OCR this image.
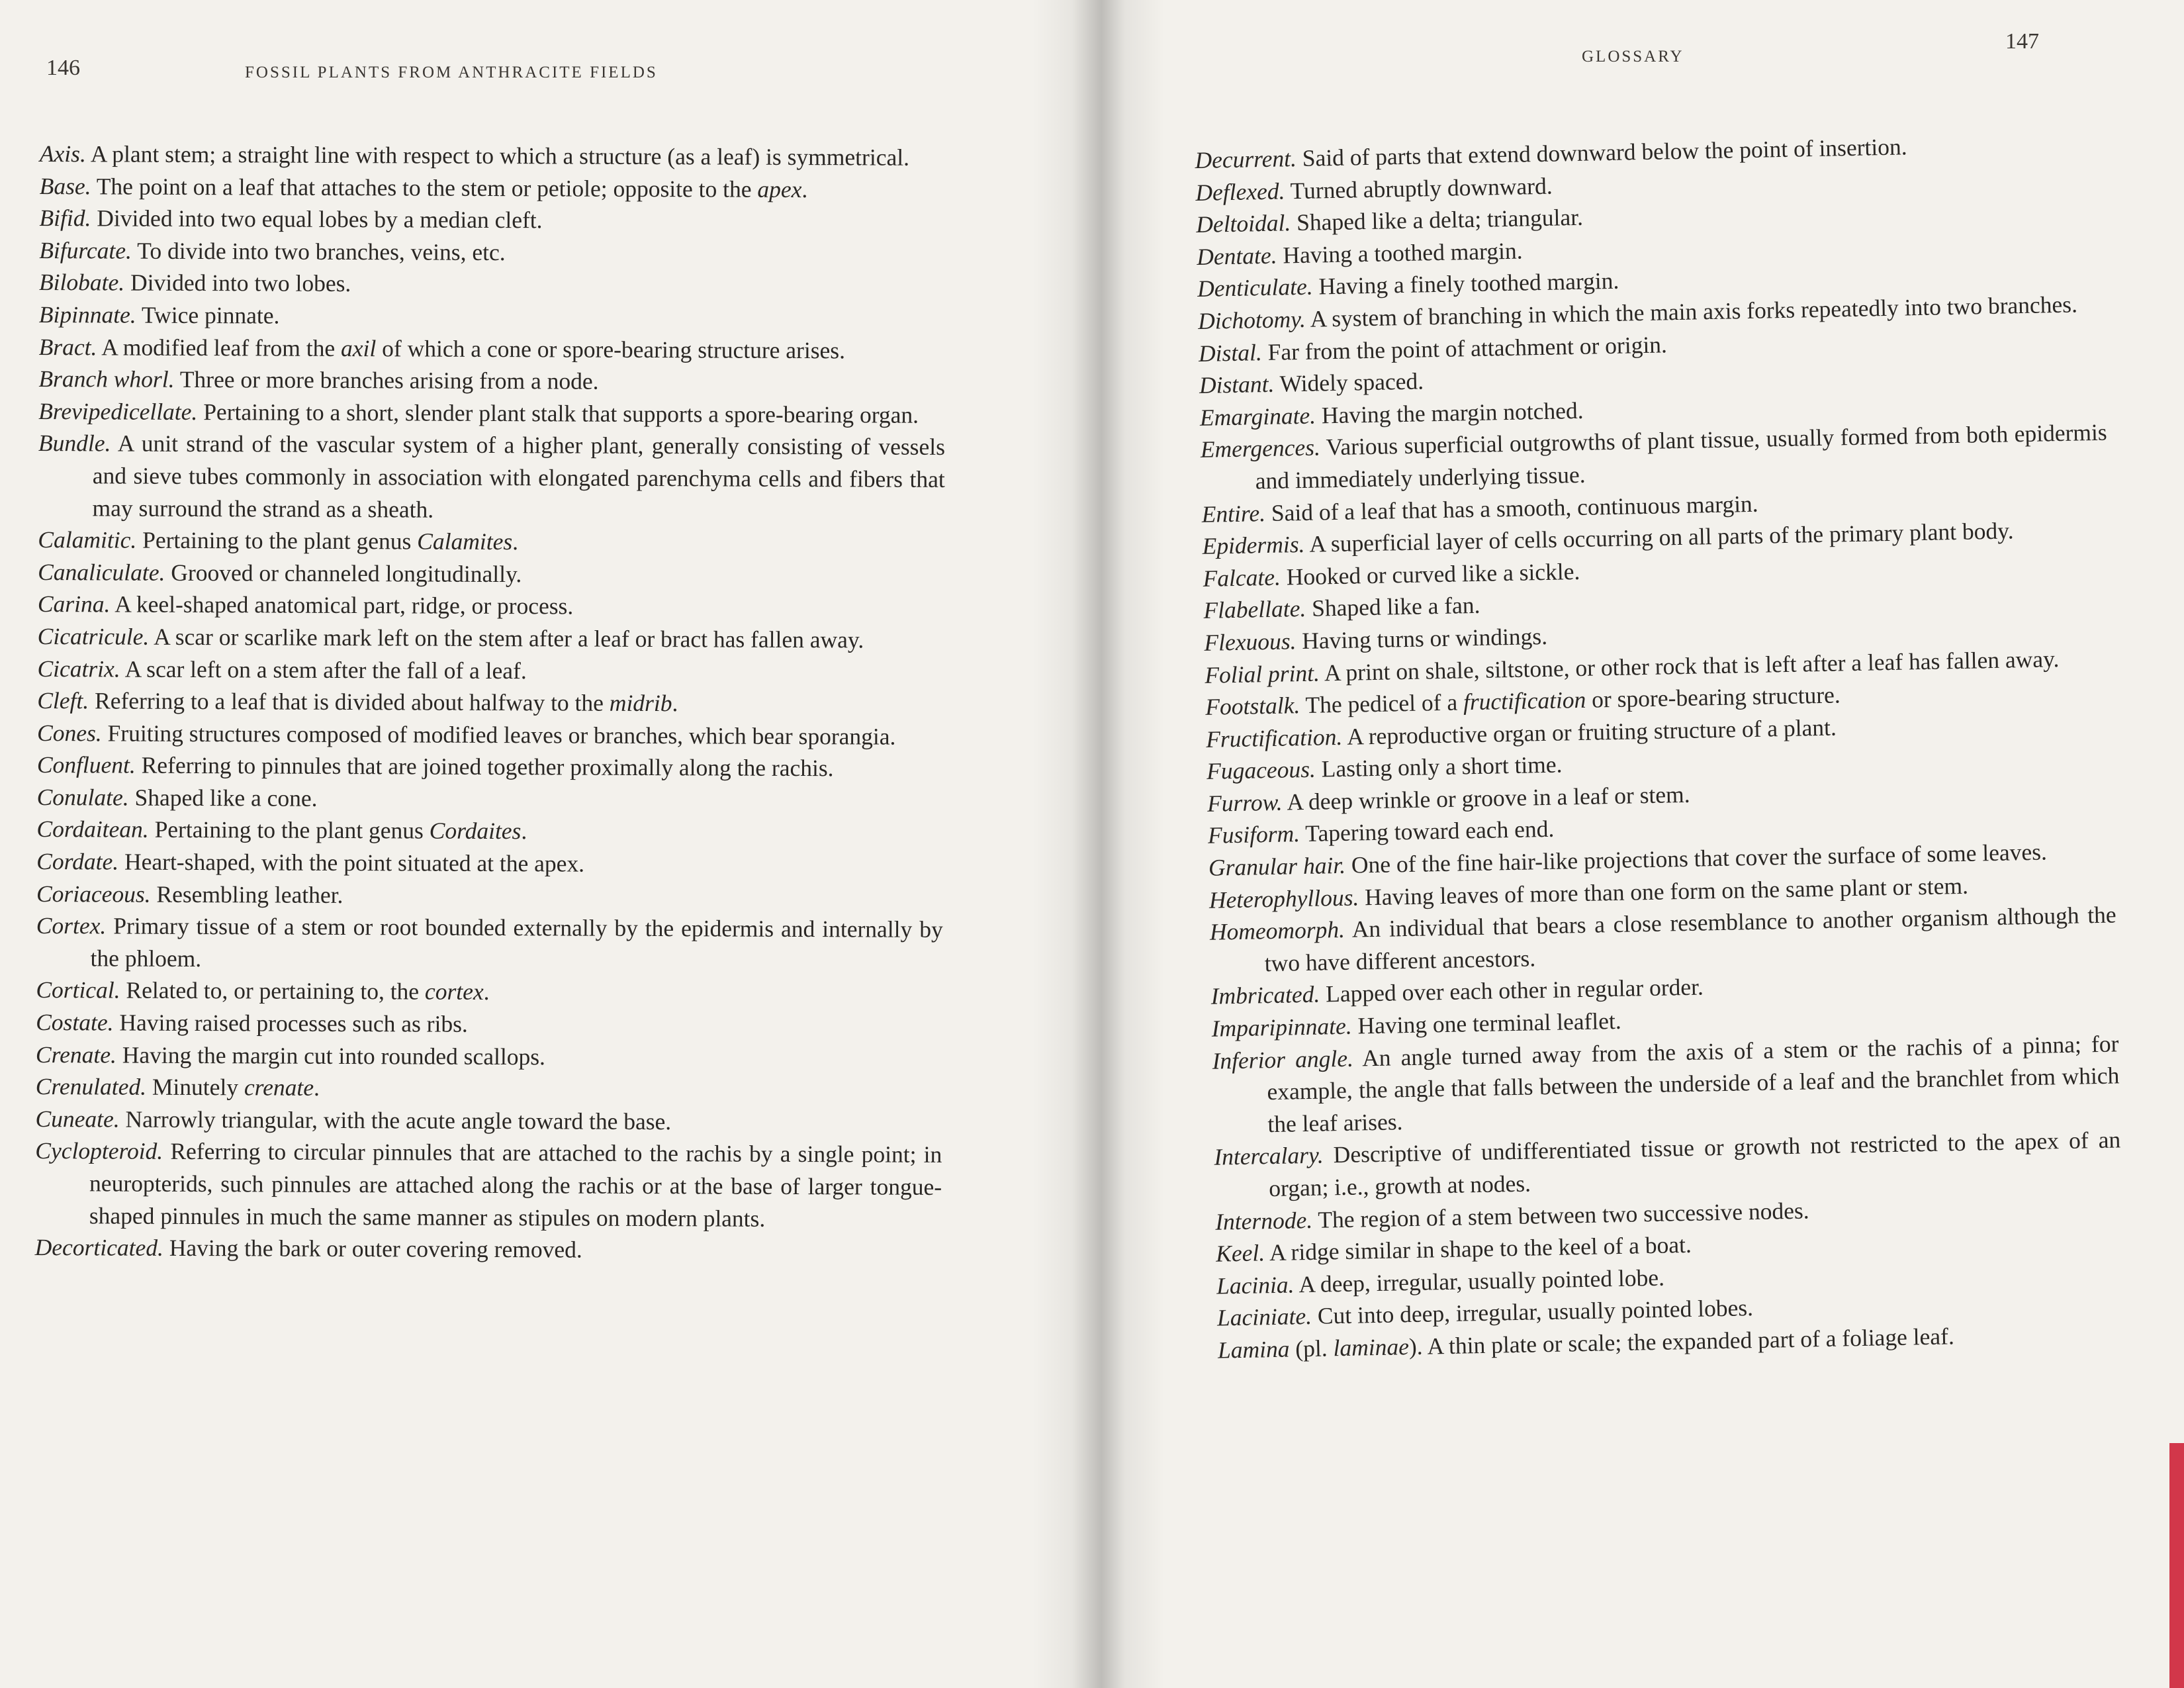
146	FOSSIL PLANTS FROM ANTHRACITE FIELDS

Axis. A plant stem; a straight line with respect to which a structure (as a leaf) is symmetrical.

Base. The point on a leaf that attaches to the stem or petiole; opposite to the apex.

Bifid. Divided into two equal lobes by a median cleft.

Bifurcate. To divide into two branches, veins, etc.

Bilobate. Divided into two lobes.

Bipinnate. Twice pinnate.

Bract. A modified leaf from the axil of which a cone or spore-bearing structure arises.

Branch whorl. Three or more branches arising from a node.

Brevipedicellate. Pertaining to a short, slender plant stalk that supports a spore-bearing organ.

Bundle. A unit strand of the vascular system of a higher plant, generally consisting of vessels and sieve tubes commonly in association with elongated parenchyma cells and fibers that may surround the strand as a sheath.

Calamitic. Pertaining to the plant genus Calamites.

Canaliculate. Grooved or channeled longitudinally.

Carina. A keel-shaped anatomical part, ridge, or process.

Cicatricule. A scar or scarlike mark left on the stem after a leaf or bract has fallen away.

Cicatrix. A scar left on a stem after the fall of a leaf.

Cleft. Referring to a leaf that is divided about halfway to the midrib.

Cones. Fruiting structures composed of modified leaves or branches, which bear sporangia.

Confluent. Referring to pinnules that are joined together proximally along the rachis.

Conulate. Shaped like a cone.

Cordaitean. Pertaining to the plant genus Cordaites.

Cordate. Heart-shaped, with the point situated at the apex.

Coriaceous. Resembling leather.

Cortex. Primary tissue of a stem or root bounded externally by the epidermis and internally by the phloem.

Cortical. Related to, or pertaining to, the cortex.

Costate. Having raised processes such as ribs.

Crenate. Having the margin cut into rounded scallops.

Crenulated. Minutely crenate.

Cuneate. Narrowly triangular, with the acute angle toward the base.

Cyclopteroid. Referring to circular pinnules that are attached to the rachis by a single point; in neuropterids, such pinnules are attached along the rachis or at the base of larger tongue-shaped pinnules in much the same manner as stipules on modern plants.

Decorticated. Having the bark or outer covering removed.

GLOSSARY
147

Decurrent. Said of parts that extend downward below the point of insertion.

Deflexed. Turned abruptly downward.

Deltoidal. Shaped like a delta; triangular.

Dentate. Having a toothed margin.

Denticulate. Having a finely toothed margin.

Dichotomy. A system of branching in which the main axis forks repeatedly into two branches.

Distal. Far from the point of attachment or origin.

Distant. Widely spaced.

Emarginate. Having the margin notched.

Emergences. Various superficial outgrowths of plant tissue, usually formed from both epidermis and immediately underlying tissue.

Entire. Said of a leaf that has a smooth, continuous margin.

Epidermis. A superficial layer of cells occurring on all parts of the primary plant body.

Falcate. Hooked or curved like a sickle.

Flabellate. Shaped like a fan.

Flexuous. Having turns or windings.

Folial print. A print on shale, siltstone, or other rock that is left after a leaf has fallen away.

Footstalk. The pedicel of a fructification or spore-bearing structure.

Fructification. A reproductive organ or fruiting structure of a plant.

Fugaceous. Lasting only a short time.

Furrow. A deep wrinkle or groove in a leaf or stem.

Fusiform. Tapering toward each end.

Granular hair. One of the fine hair-like projections that cover the surface of some leaves.

Heterophyllous. Having leaves of more than one form on the same plant or stem.

Homeomorph. An individual that bears a close resemblance to another organism although the two have different ancestors.

Imbricated. Lapped over each other in regular order.

Imparipinnate. Having one terminal leaflet.

Inferior angle. An angle turned away from the axis of a stem or the rachis of a pinna; for example, the angle that falls between the underside of a leaf and the branchlet from which the leaf arises.

Intercalary. Descriptive of undifferentiated tissue or growth not restricted to the apex of an organ; i.e., growth at nodes.

Internode. The region of a stem between two successive nodes.

Keel. A ridge similar in shape to the keel of a boat.

Lacinia. A deep, irregular, usually pointed lobe.

Laciniate. Cut into deep, irregular, usually pointed lobes.

Lamina (pl. laminae). A thin plate or scale; the expanded part of a foliage leaf.
